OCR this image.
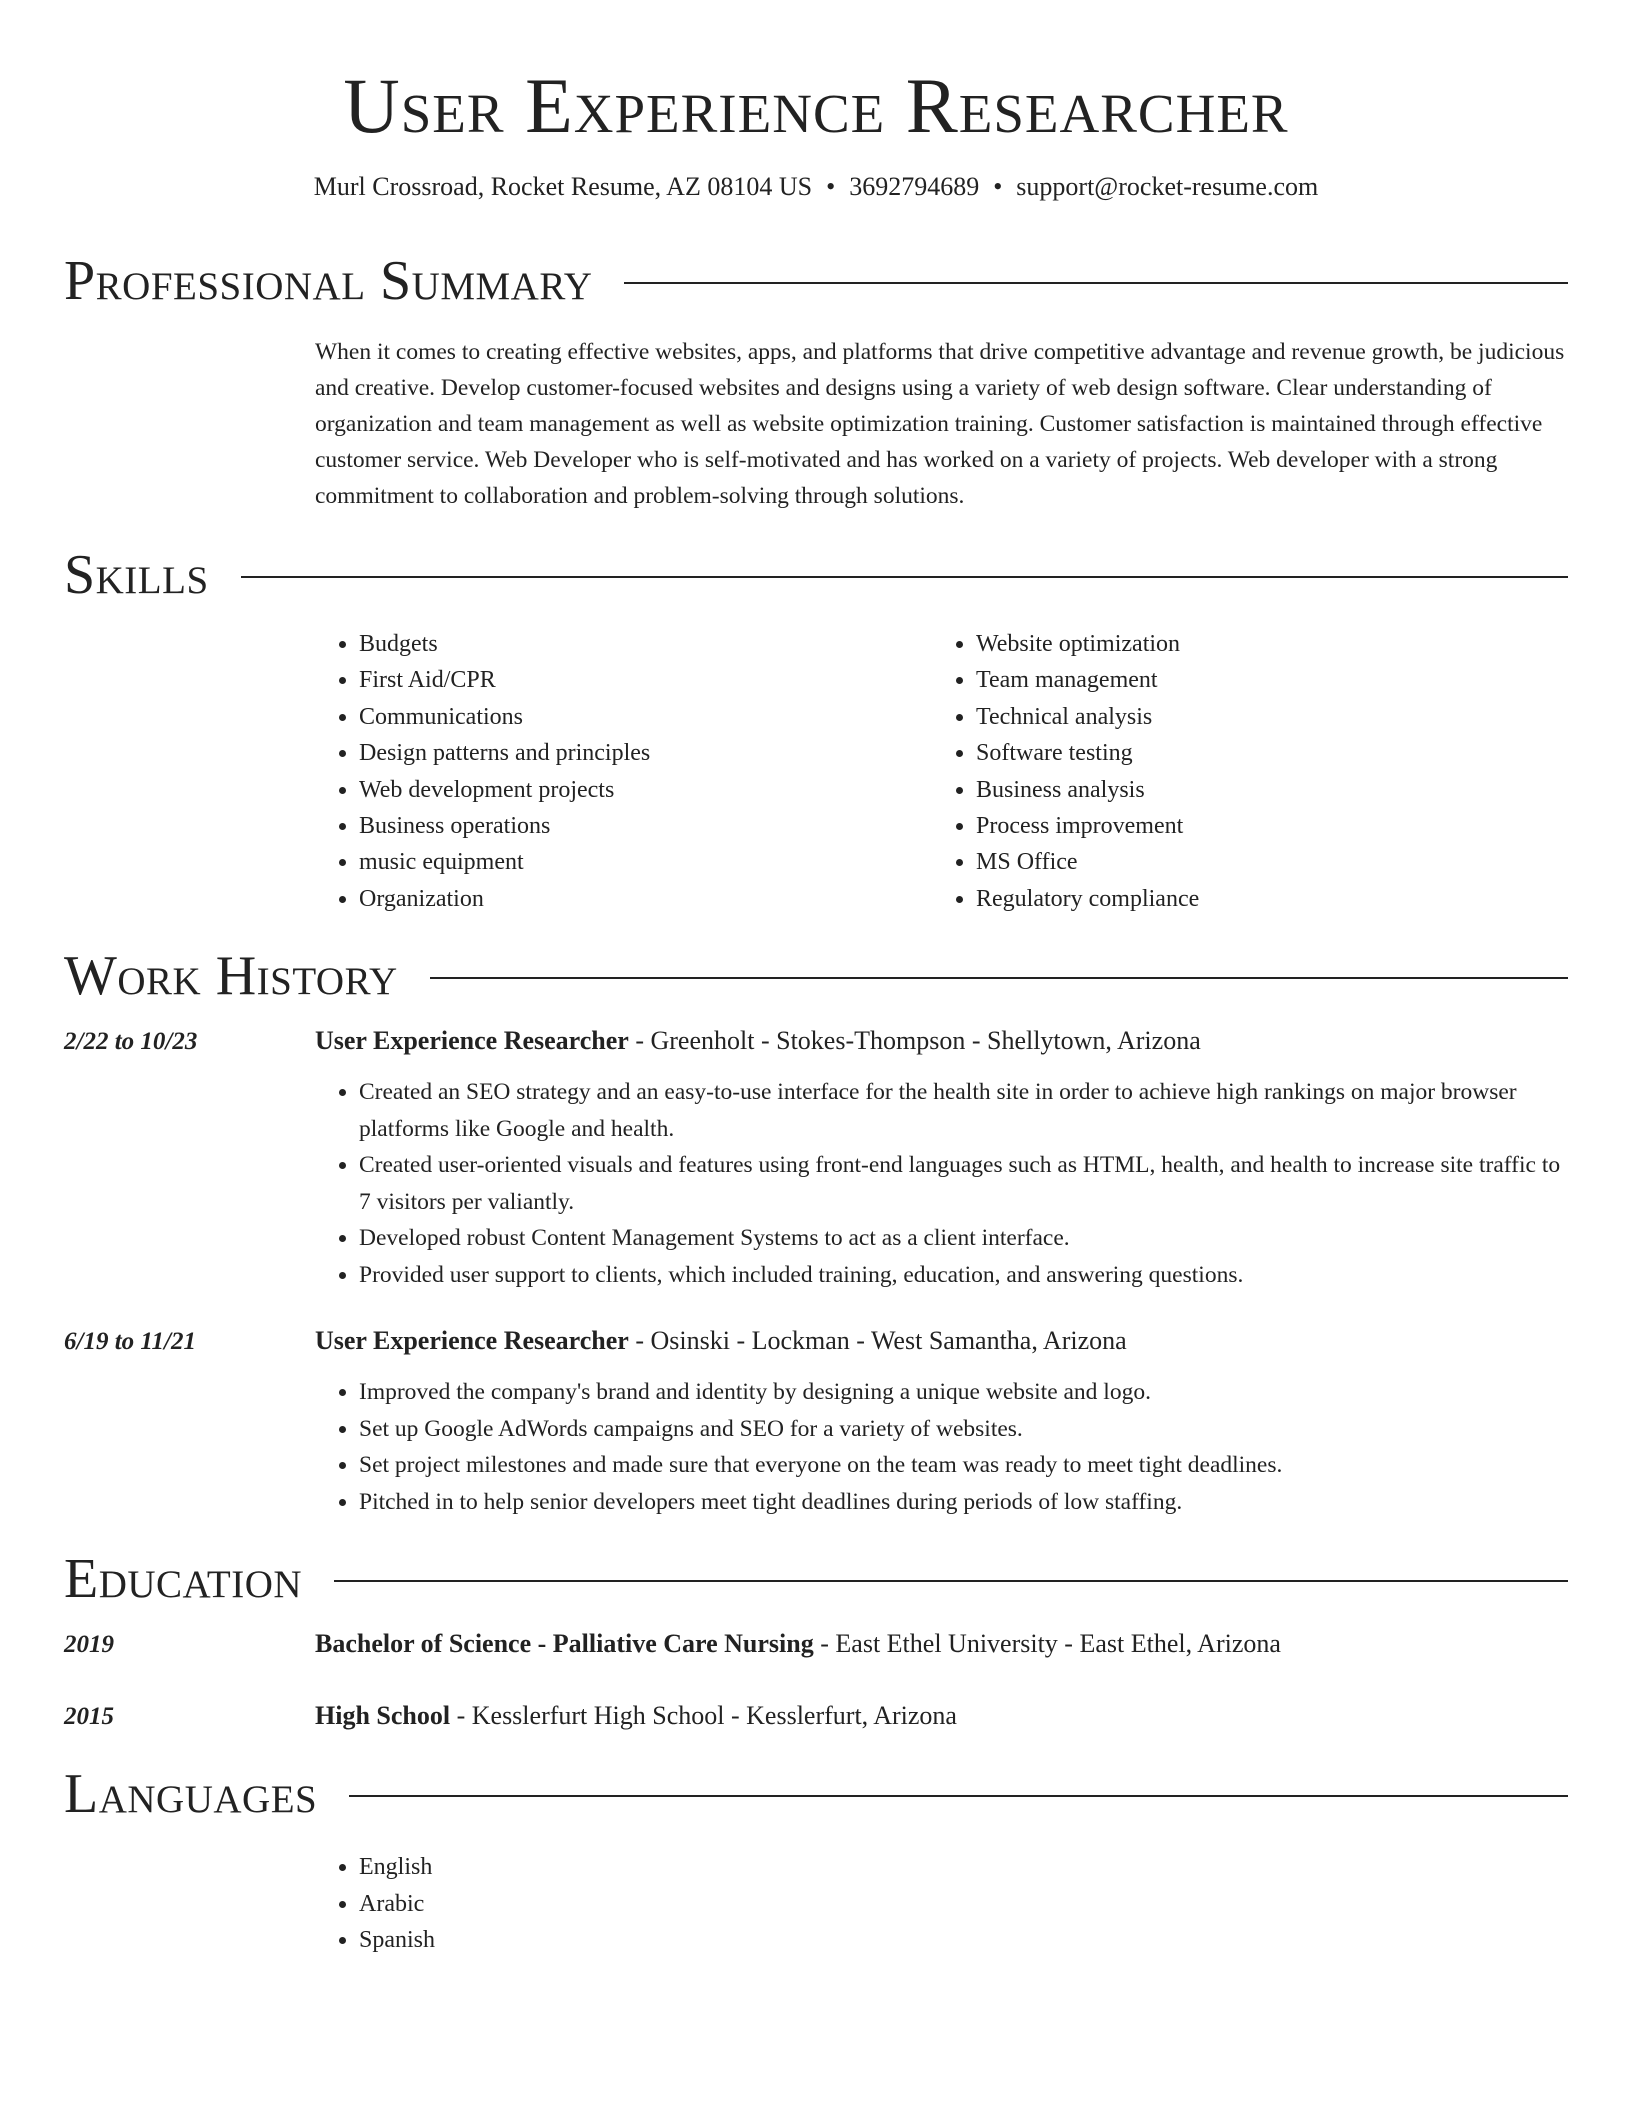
User Experience Researcher
Murl Crossroad, Rocket Resume, AZ 08104 US • 3692794689 • support@rocket-resume.com
Professional Summary
When it comes to creating effective websites, apps, and platforms that drive competitive advantage and revenue growth, be judicious and creative. Develop customer-focused websites and designs using a variety of web design software. Clear understanding of organization and team management as well as website optimization training. Customer satisfaction is maintained through effective customer service. Web Developer who is self-motivated and has worked on a variety of projects. Web developer with a strong commitment to collaboration and problem-solving through solutions.
Skills
• Budgets
• First Aid/CPR
• Communications
• Design patterns and principles
• Web development projects
• Business operations
• music equipment
• Organization
• Website optimization
• Team management
• Technical analysis
• Software testing
• Business analysis
• Process improvement
• MS Office
• Regulatory compliance
Work History
2/22 to 10/23	User Experience Researcher - Greenholt - Stokes-Thompson - Shellytown, Arizona
• Created an SEO strategy and an easy-to-use interface for the health site in order to achieve high rankings on major browser platforms like Google and health.
• Created user-oriented visuals and features using front-end languages such as HTML, health, and health to increase site traffic to 7 visitors per valiantly.
• Developed robust Content Management Systems to act as a client interface.
• Provided user support to clients, which included training, education, and answering questions.
6/19 to 11/21	User Experience Researcher - Osinski - Lockman - West Samantha, Arizona
• Improved the company's brand and identity by designing a unique website and logo.
• Set up Google AdWords campaigns and SEO for a variety of websites.
• Set project milestones and made sure that everyone on the team was ready to meet tight deadlines.
• Pitched in to help senior developers meet tight deadlines during periods of low staffing.
Education
2019	Bachelor of Science - Palliative Care Nursing - East Ethel University - East Ethel, Arizona
2015	High School - Kesslerfurt High School - Kesslerfurt, Arizona
Languages
• English
• Arabic
• Spanish
